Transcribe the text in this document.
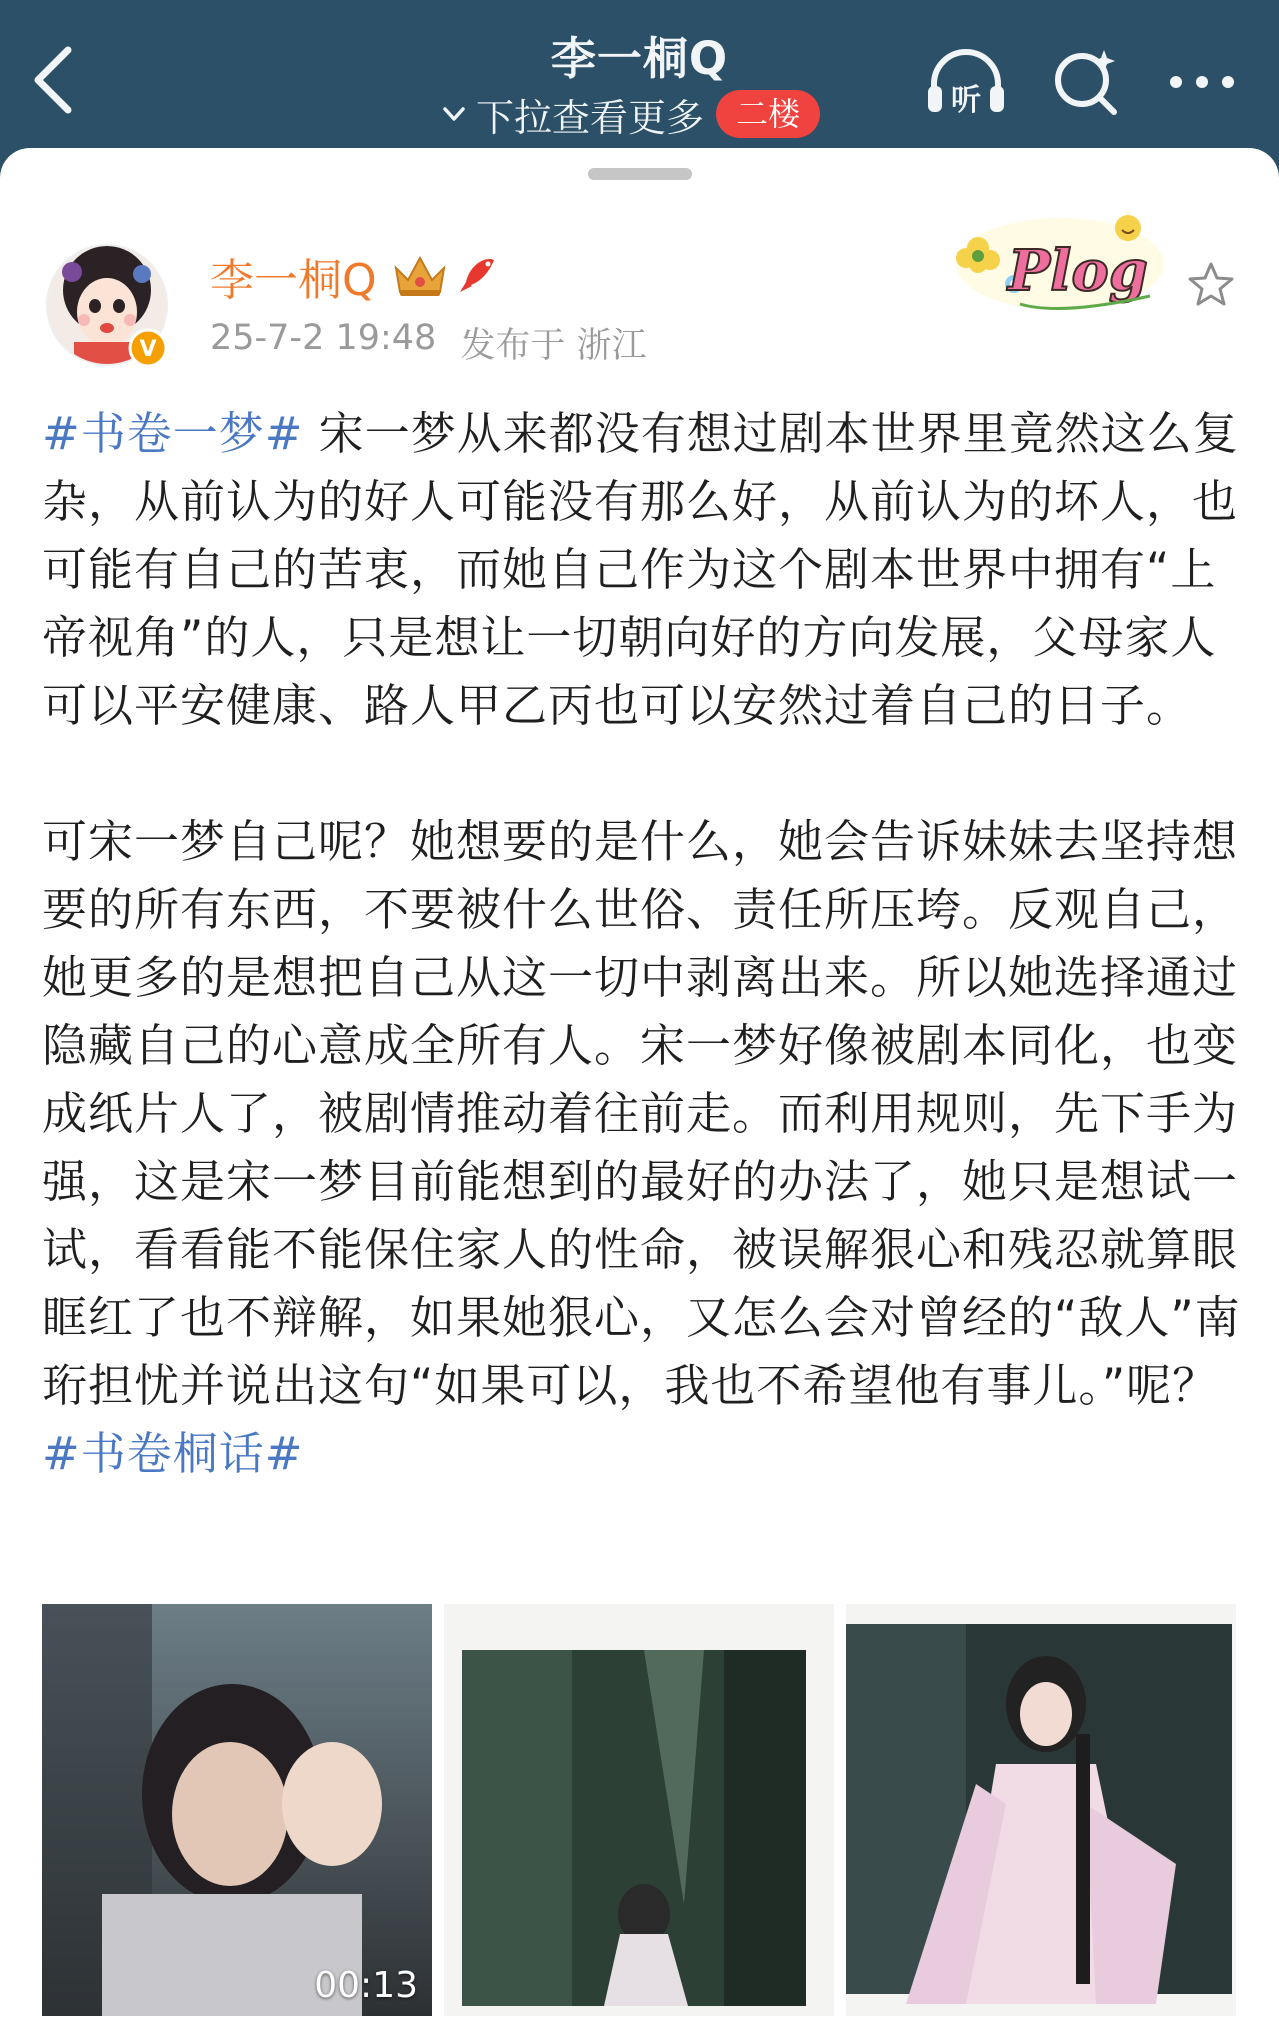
李一桐Q
下拉查看更多	二楼	听
V
李一桐Q
25-7-2 19:48 发布于 浙江
Plog

#书卷一梦# 宋一梦从来都没有想过剧本世界里竟然这么复杂，从前认为的好人可能没有那么好，从前认为的坏人，也可能有自己的苦衷，而她自己作为这个剧本世界中拥有“上帝视角”的人，只是想让一切朝向好的方向发展，父母家人可以平安健康、路人甲乙丙也可以安然过着自己的日子。

可宋一梦自己呢？她想要的是什么，她会告诉妹妹去坚持想要的所有东西，不要被什么世俗、责任所压垮。反观自己，她更多的是想把自己从这一切中剥离出来。所以她选择通过隐藏自己的心意成全所有人。宋一梦好像被剧本同化，也变成纸片人了，被剧情推动着往前走。而利用规则，先下手为强，这是宋一梦目前能想到的最好的办法了，她只是想试一试，看看能不能保住家人的性命，被误解狠心和残忍就算眼眶红了也不辩解，如果她狠心，又怎么会对曾经的“敌人”南珩担忧并说出这句“如果可以，我也不希望他有事儿。”呢？ #书卷桐话#

00:13
